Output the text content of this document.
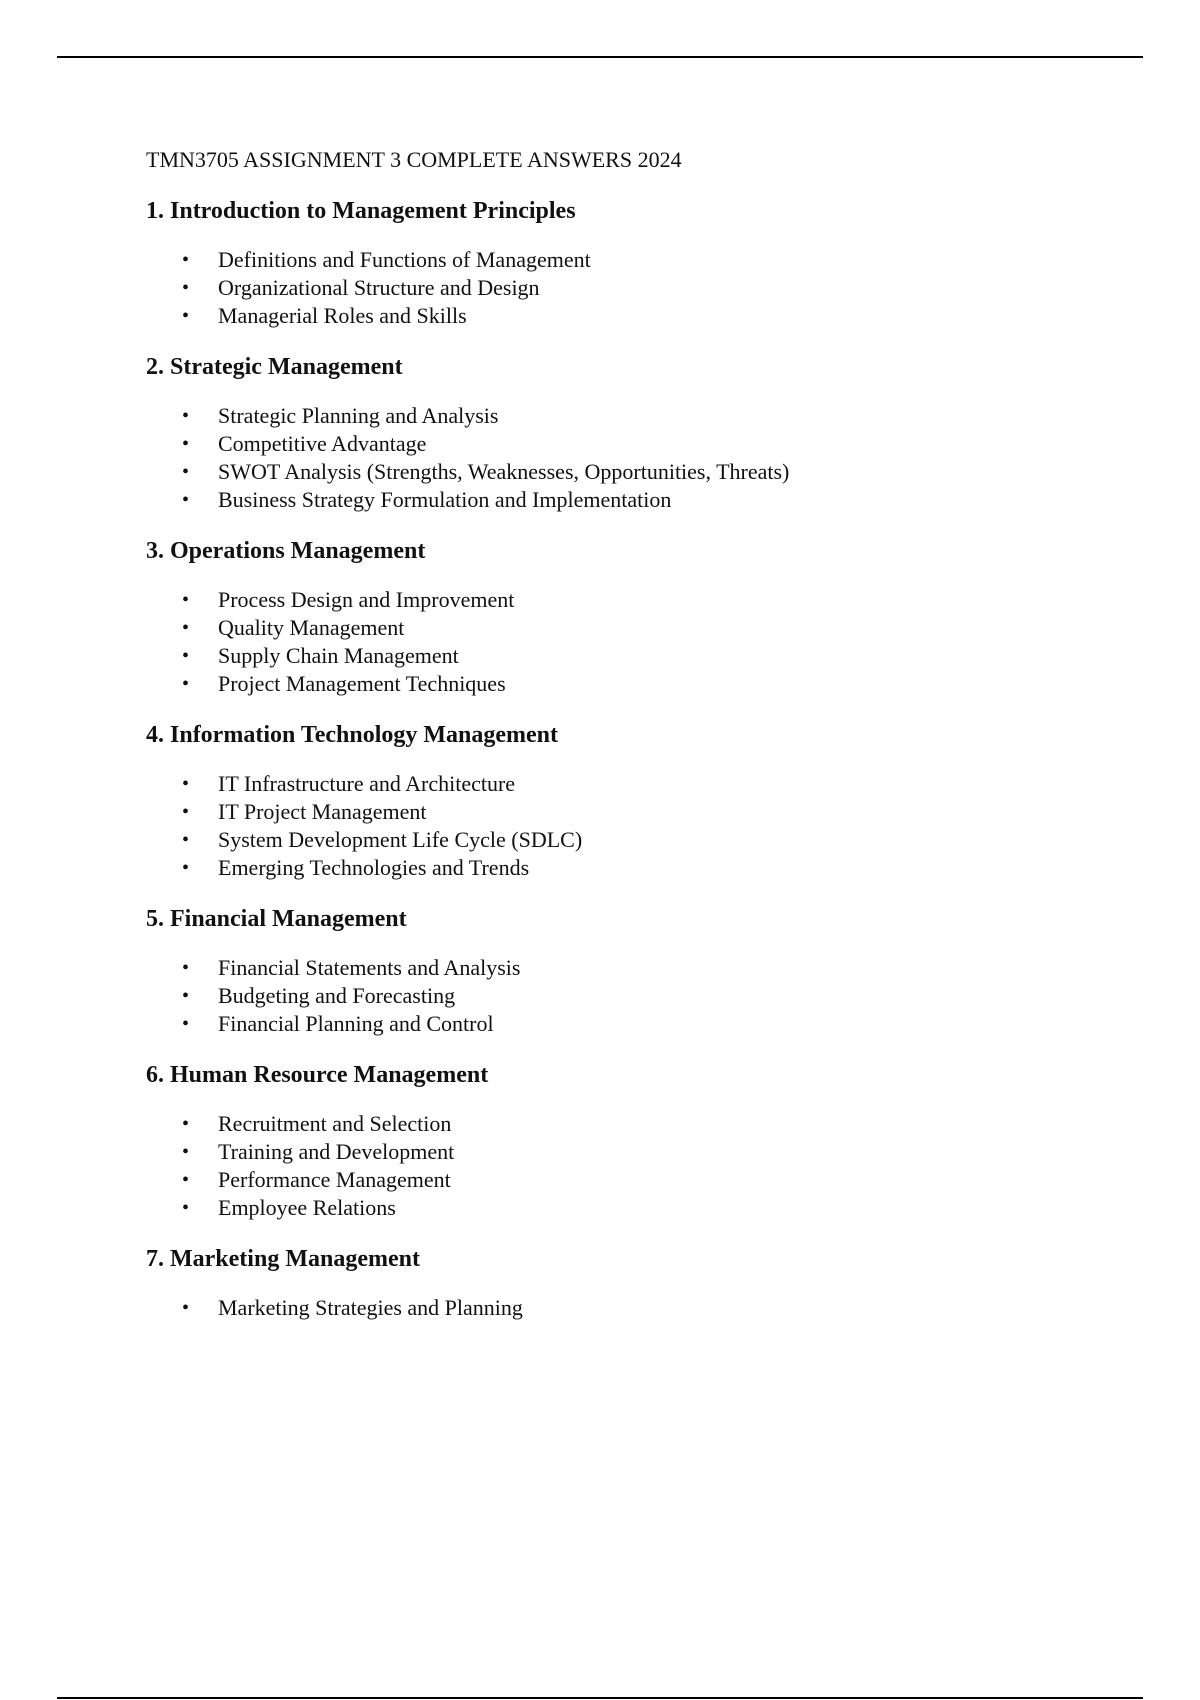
TMN3705 ASSIGNMENT 3 COMPLETE ANSWERS 2024
1. Introduction to Management Principles
• Definitions and Functions of Management
• Organizational Structure and Design
• Managerial Roles and Skills
2. Strategic Management
• Strategic Planning and Analysis
• Competitive Advantage
• SWOT Analysis (Strengths, Weaknesses, Opportunities, Threats)
• Business Strategy Formulation and Implementation
3. Operations Management
• Process Design and Improvement
• Quality Management
• Supply Chain Management
• Project Management Techniques
4. Information Technology Management
• IT Infrastructure and Architecture
• IT Project Management
• System Development Life Cycle (SDLC)
• Emerging Technologies and Trends
5. Financial Management
• Financial Statements and Analysis
• Budgeting and Forecasting
• Financial Planning and Control
6. Human Resource Management
• Recruitment and Selection
• Training and Development
• Performance Management
• Employee Relations
7. Marketing Management
• Marketing Strategies and Planning
